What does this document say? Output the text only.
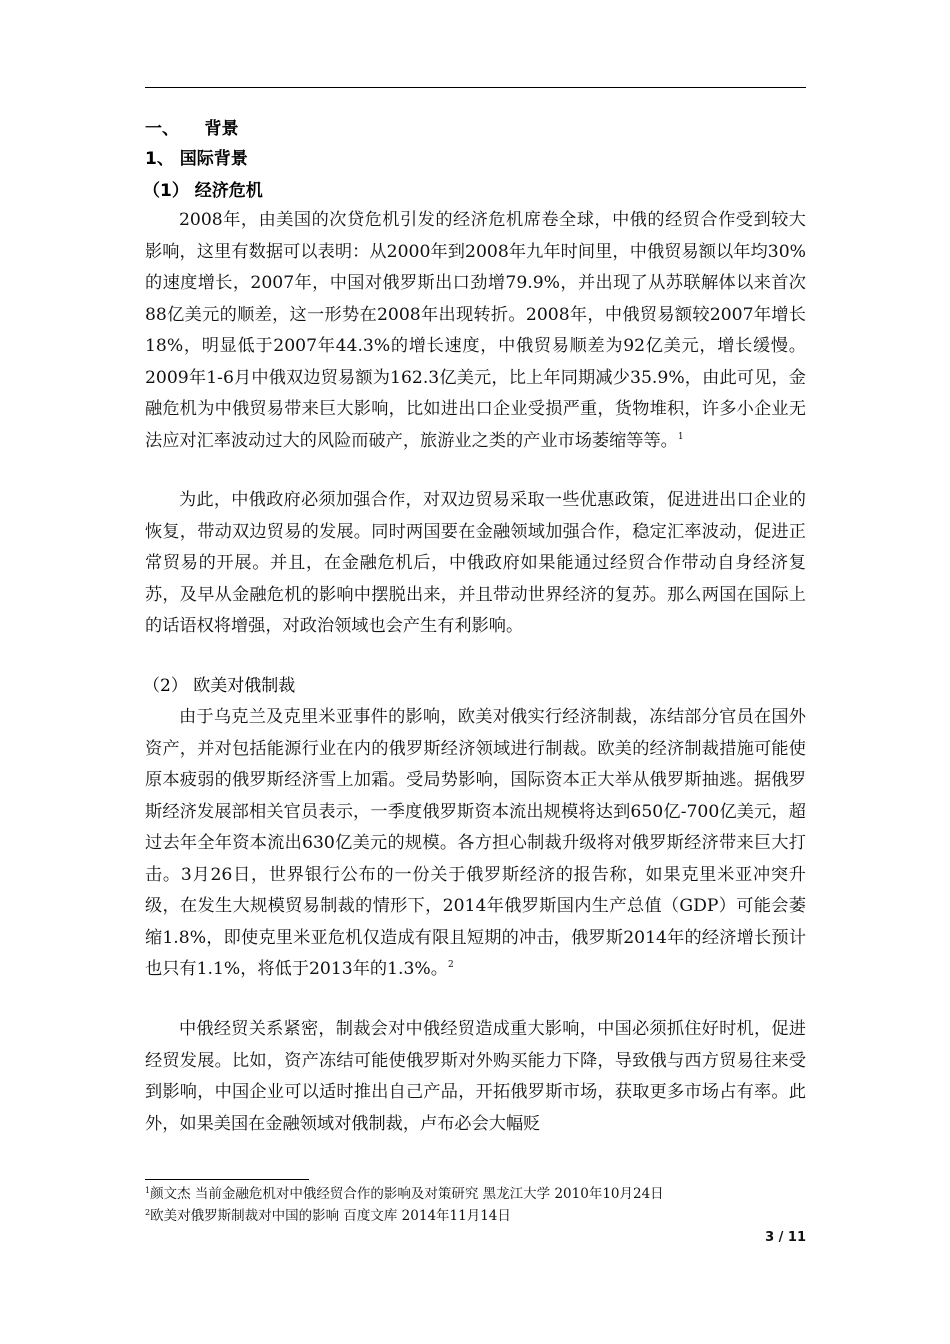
一、　　背景
1、 国际背景
（1） 经济危机

2008年，由美国的次贷危机引发的经济危机席卷全球，中俄的经贸合作受到较大影响，这里有数据可以表明：从2000年到2008年九年时间里，中俄贸易额以年均30%的速度增长，2007年，中国对俄罗斯出口劲增79.9%，并出现了从苏联解体以来首次88亿美元的顺差，这一形势在2008年出现转折。2008年，中俄贸易额较2007年增长18%，明显低于2007年44.3%的增长速度，中俄贸易顺差为92亿美元，增长缓慢。2009年1-6月中俄双边贸易额为162.3亿美元，比上年同期减少35.9%，由此可见，金融危机为中俄贸易带来巨大影响，比如进出口企业受损严重，货物堆积，许多小企业无法应对汇率波动过大的风险而破产，旅游业之类的产业市场萎缩等等。$^1$

为此，中俄政府必须加强合作，对双边贸易采取一些优惠政策，促进进出口企业的恢复，带动双边贸易的发展。同时两国要在金融领域加强合作，稳定汇率波动，促进正常贸易的开展。并且，在金融危机后，中俄政府如果能通过经贸合作带动自身经济复苏，及早从金融危机的影响中摆脱出来，并且带动世界经济的复苏。那么两国在国际上的话语权将增强，对政治领域也会产生有利影响。

（2） 欧美对俄制裁

由于乌克兰及克里米亚事件的影响，欧美对俄实行经济制裁，冻结部分官员在国外资产，并对包括能源行业在内的俄罗斯经济领域进行制裁。欧美的经济制裁措施可能使原本疲弱的俄罗斯经济雪上加霜。受局势影响，国际资本正大举从俄罗斯抽逃。据俄罗斯经济发展部相关官员表示，一季度俄罗斯资本流出规模将达到650亿-700亿美元，超过去年全年资本流出630亿美元的规模。各方担心制裁升级将对俄罗斯经济带来巨大打击。3月26日，世界银行公布的一份关于俄罗斯经济的报告称，如果克里米亚冲突升级，在发生大规模贸易制裁的情形下，2014年俄罗斯国内生产总值（GDP）可能会萎缩1.8%，即使克里米亚危机仅造成有限且短期的冲击，俄罗斯2014年的经济增长预计也只有1.1%，将低于2013年的1.3%。$^2$

中俄经贸关系紧密，制裁会对中俄经贸造成重大影响，中国必须抓住好时机，促进经贸发展。比如，资产冻结可能使俄罗斯对外购买能力下降，导致俄与西方贸易往来受到影响，中国企业可以适时推出自己产品，开拓俄罗斯市场，获取更多市场占有率。此外，如果美国在金融领域对俄制裁，卢布必会大幅贬

$^1$颜文杰 当前金融危机对中俄经贸合作的影响及对策研究 黑龙江大学 2010年10月24日
$^2$欧美对俄罗斯制裁对中国的影响 百度文库 2014年11月14日
3 / 11
